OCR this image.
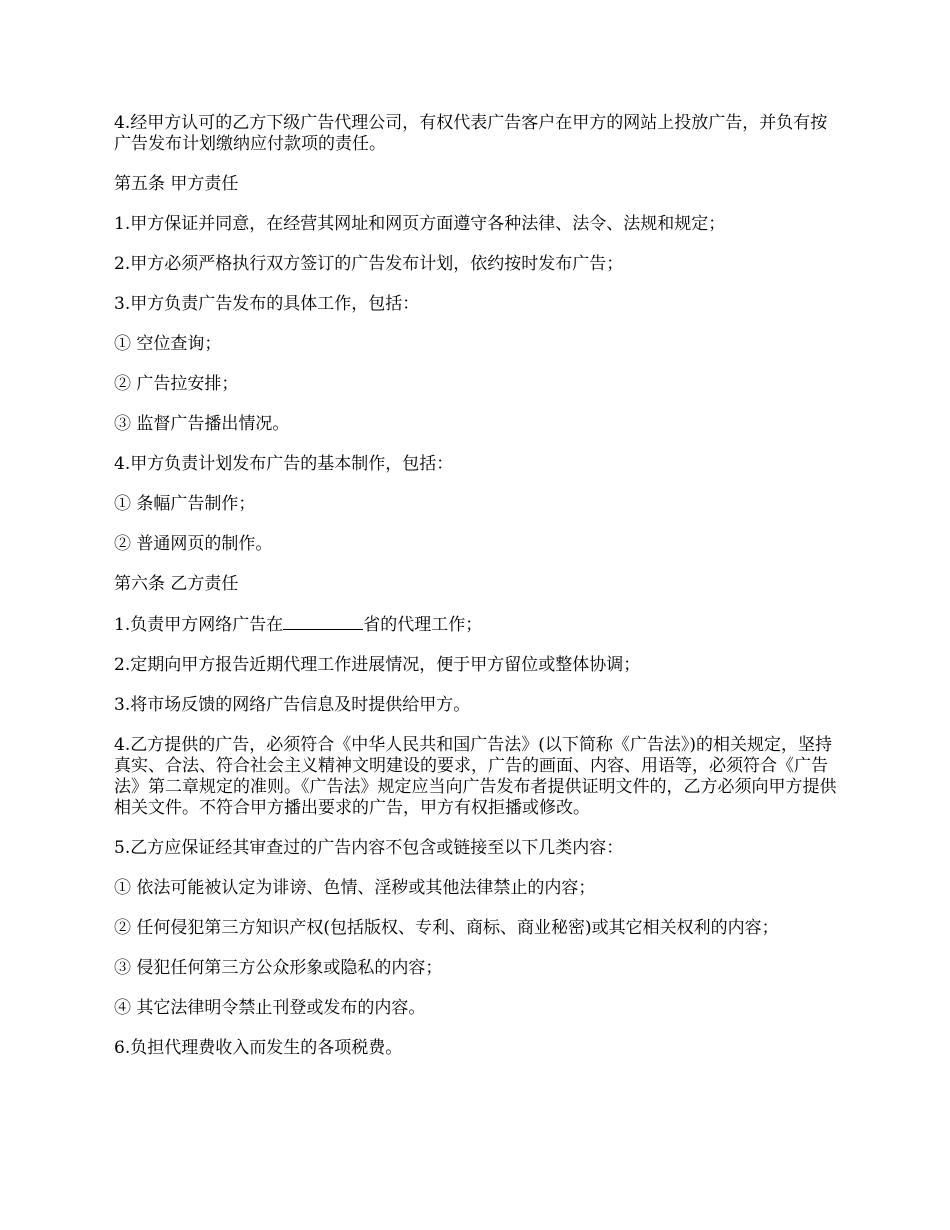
4.经甲方认可的乙方下级广告代理公司，有权代表广告客户在甲方的网站上投放广告，并负有按广告发布计划缴纳应付款项的责任。

第五条 甲方责任

1.甲方保证并同意，在经营其网址和网页方面遵守各种法律、法令、法规和规定；

2.甲方必须严格执行双方签订的广告发布计划，依约按时发布广告；

3.甲方负责广告发布的具体工作，包括：

① 空位查询；

② 广告拉安排；

③ 监督广告播出情况。

4.甲方负责计划发布广告的基本制作，包括：

① 条幅广告制作；

② 普通网页的制作。

第六条 乙方责任

1.负责甲方网络广告在	省的代理工作；

2.定期向甲方报告近期代理工作进展情况，便于甲方留位或整体协调；

3.将市场反馈的网络广告信息及时提供给甲方。

4.乙方提供的广告，必须符合《中华人民共和国广告法》(以下简称《广告法》)的相关规定，坚持真实、合法、符合社会主义精神文明建设的要求，广告的画面、内容、用语等，必须符合《广告法》第二章规定的准则。《广告法》规定应当向广告发布者提供证明文件的，乙方必须向甲方提供相关文件。不符合甲方播出要求的广告，甲方有权拒播或修改。

5.乙方应保证经其审查过的广告内容不包含或链接至以下几类内容：

① 依法可能被认定为诽谤、色情、淫秽或其他法律禁止的内容；

② 任何侵犯第三方知识产权(包括版权、专利、商标、商业秘密)或其它相关权利的内容；

③ 侵犯任何第三方公众形象或隐私的内容；

④ 其它法律明令禁止刊登或发布的内容。

6.负担代理费收入而发生的各项税费。
